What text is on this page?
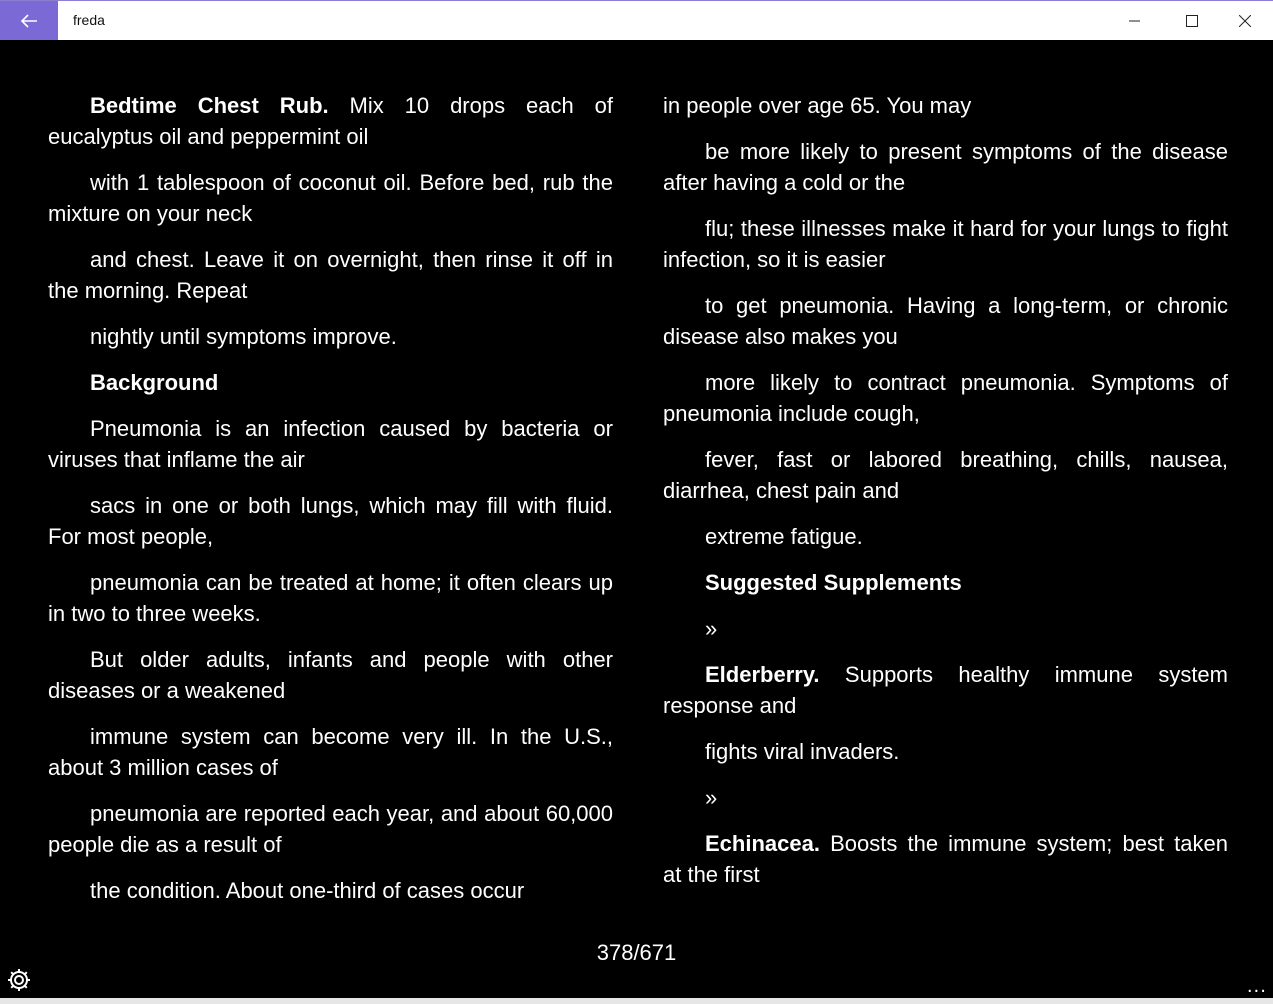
freda

Bedtime Chest Rub. Mix 10 drops each of eucalyptus oil and peppermint oil

with 1 tablespoon of coconut oil. Before bed, rub the mixture on your neck

and chest. Leave it on overnight, then rinse it off in the morning. Repeat

nightly until symptoms improve.

Background

Pneumonia is an infection caused by bacteria or viruses that inflame the air

sacs in one or both lungs, which may fill with fluid. For most people,

pneumonia can be treated at home; it often clears up in two to three weeks.

But older adults, infants and people with other diseases or a weakened

immune system can become very ill. In the U.S., about 3 million cases of

pneumonia are reported each year, and about 60,000 people die as a result of

the condition. About one-third of cases occur

in people over age 65. You may

be more likely to present symptoms of the disease after having a cold or the

flu; these illnesses make it hard for your lungs to fight infection, so it is easier

to get pneumonia. Having a long-term, or chronic disease also makes you

more likely to contract pneumonia. Symptoms of pneumonia include cough,

fever, fast or labored breathing, chills, nausea, diarrhea, chest pain and

extreme fatigue.

Suggested Supplements

»

Elderberry. Supports healthy immune system response and

fights viral invaders.

»

Echinacea. Boosts the immune system; best taken at the first

378/671
...
